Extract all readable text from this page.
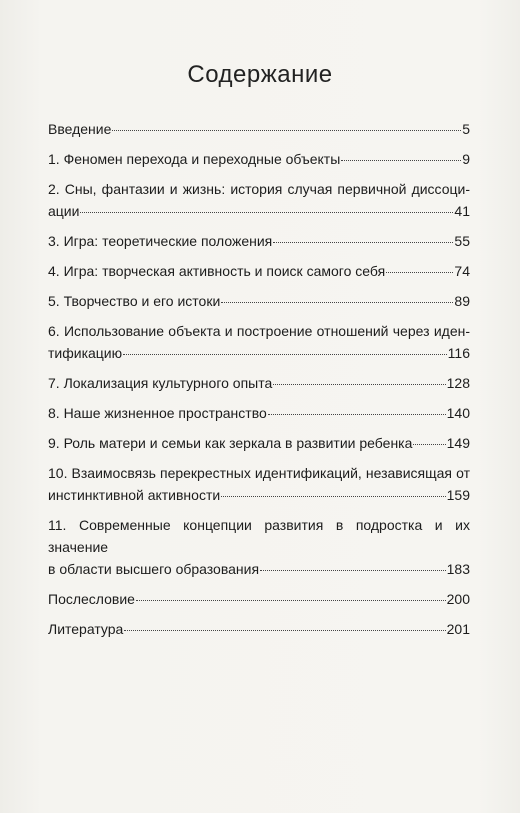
Содержание
Введение	5
1. Феномен перехода и переходные объекты	9
2. Сны, фантазии и жизнь: история случая первичной диссоци-
ации	41
3. Игра: теоретические положения	55
4. Игра: творческая активность и поиск самого себя	74
5. Творчество и его истоки	89
6. Использование объекта и построение отношений через иден-
тификацию	116
7. Локализация культурного опыта	128
8. Наше жизненное пространство	140
9. Роль матери и семьи как зеркала в развитии ребенка 149
10. Взаимосвязь перекрестных идентификаций, независящая от
инстинктивной активности	159
11. Современные концепции развития в подростка и их значение
в области высшего образования	183
Послесловие	200
Литература	201
